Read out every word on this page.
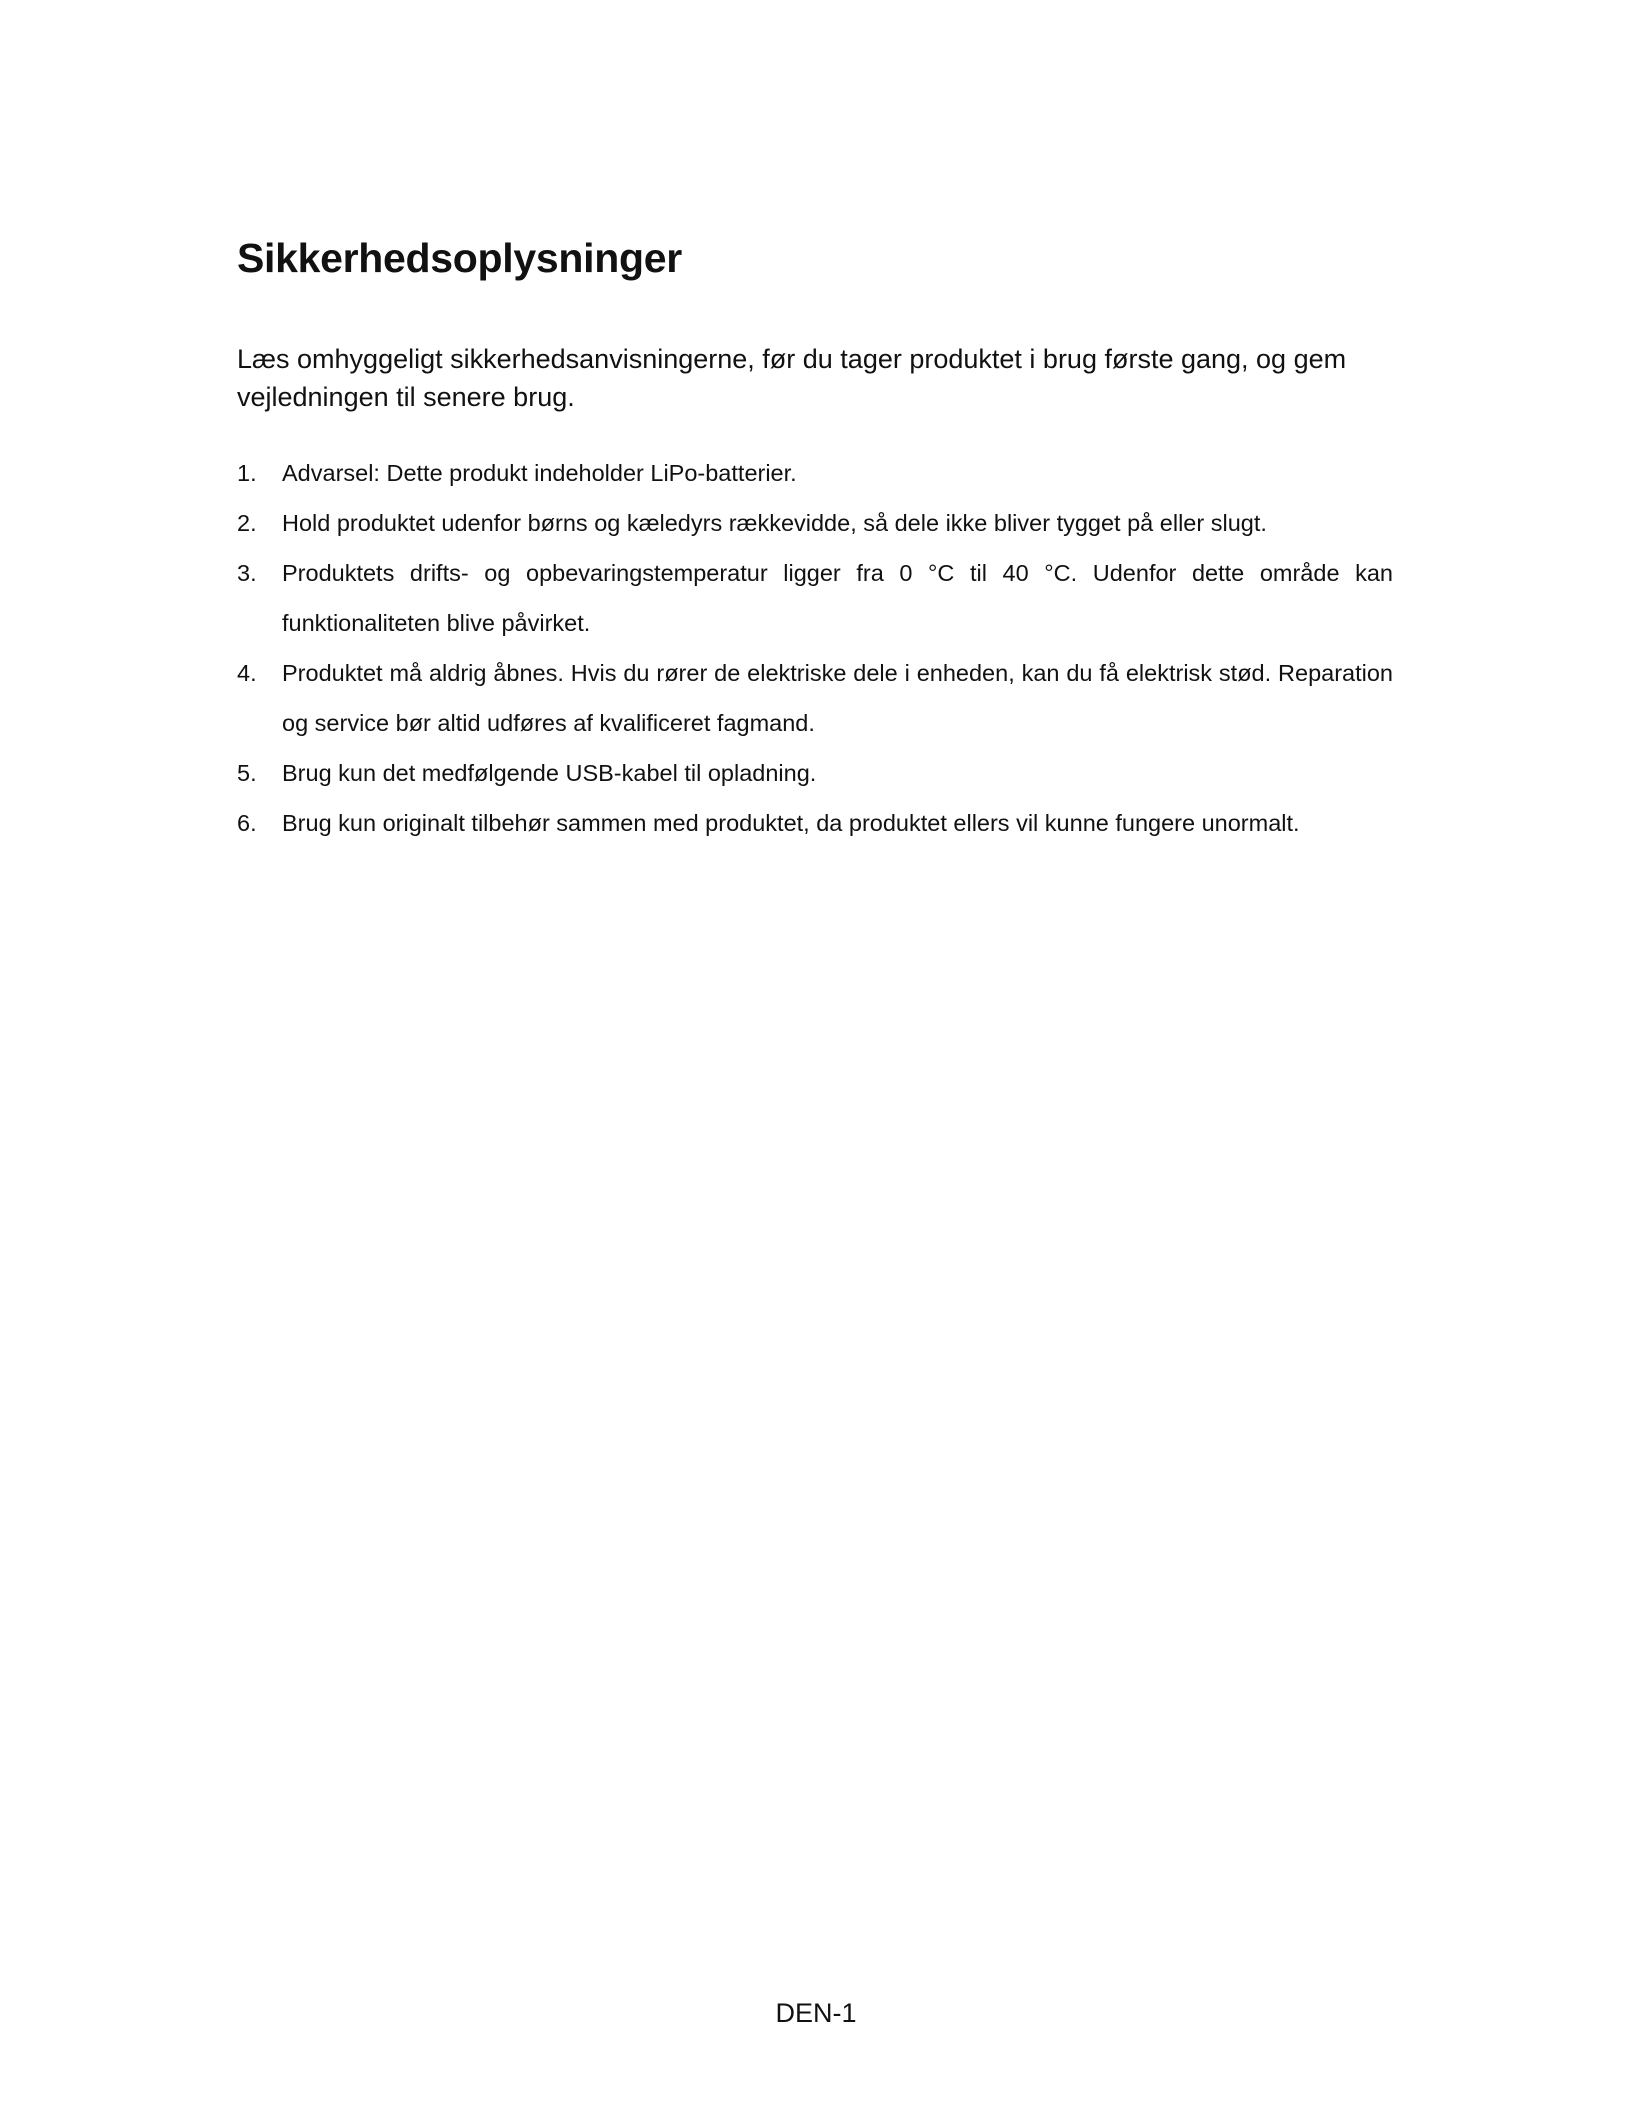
Sikkerhedsoplysninger

Læs omhyggeligt sikkerhedsanvisningerne, før du tager produktet i brug første gang, og gem vejledningen til senere brug.

1.	Advarsel: Dette produkt indeholder LiPo-batterier.
2.	Hold produktet udenfor børns og kæledyrs rækkevidde, så dele ikke bliver tygget på eller slugt.
3.	Produktets drifts- og opbevaringstemperatur ligger fra 0 °C til 40 °C. Udenfor dette område kan funktionaliteten blive påvirket.
4.	Produktet må aldrig åbnes. Hvis du rører de elektriske dele i enheden, kan du få elektrisk stød. Reparation og service bør altid udføres af kvalificeret fagmand.
5.	Brug kun det medfølgende USB-kabel til opladning.
6.	Brug kun originalt tilbehør sammen med produktet, da produktet ellers vil kunne fungere unormalt.
DEN-1
